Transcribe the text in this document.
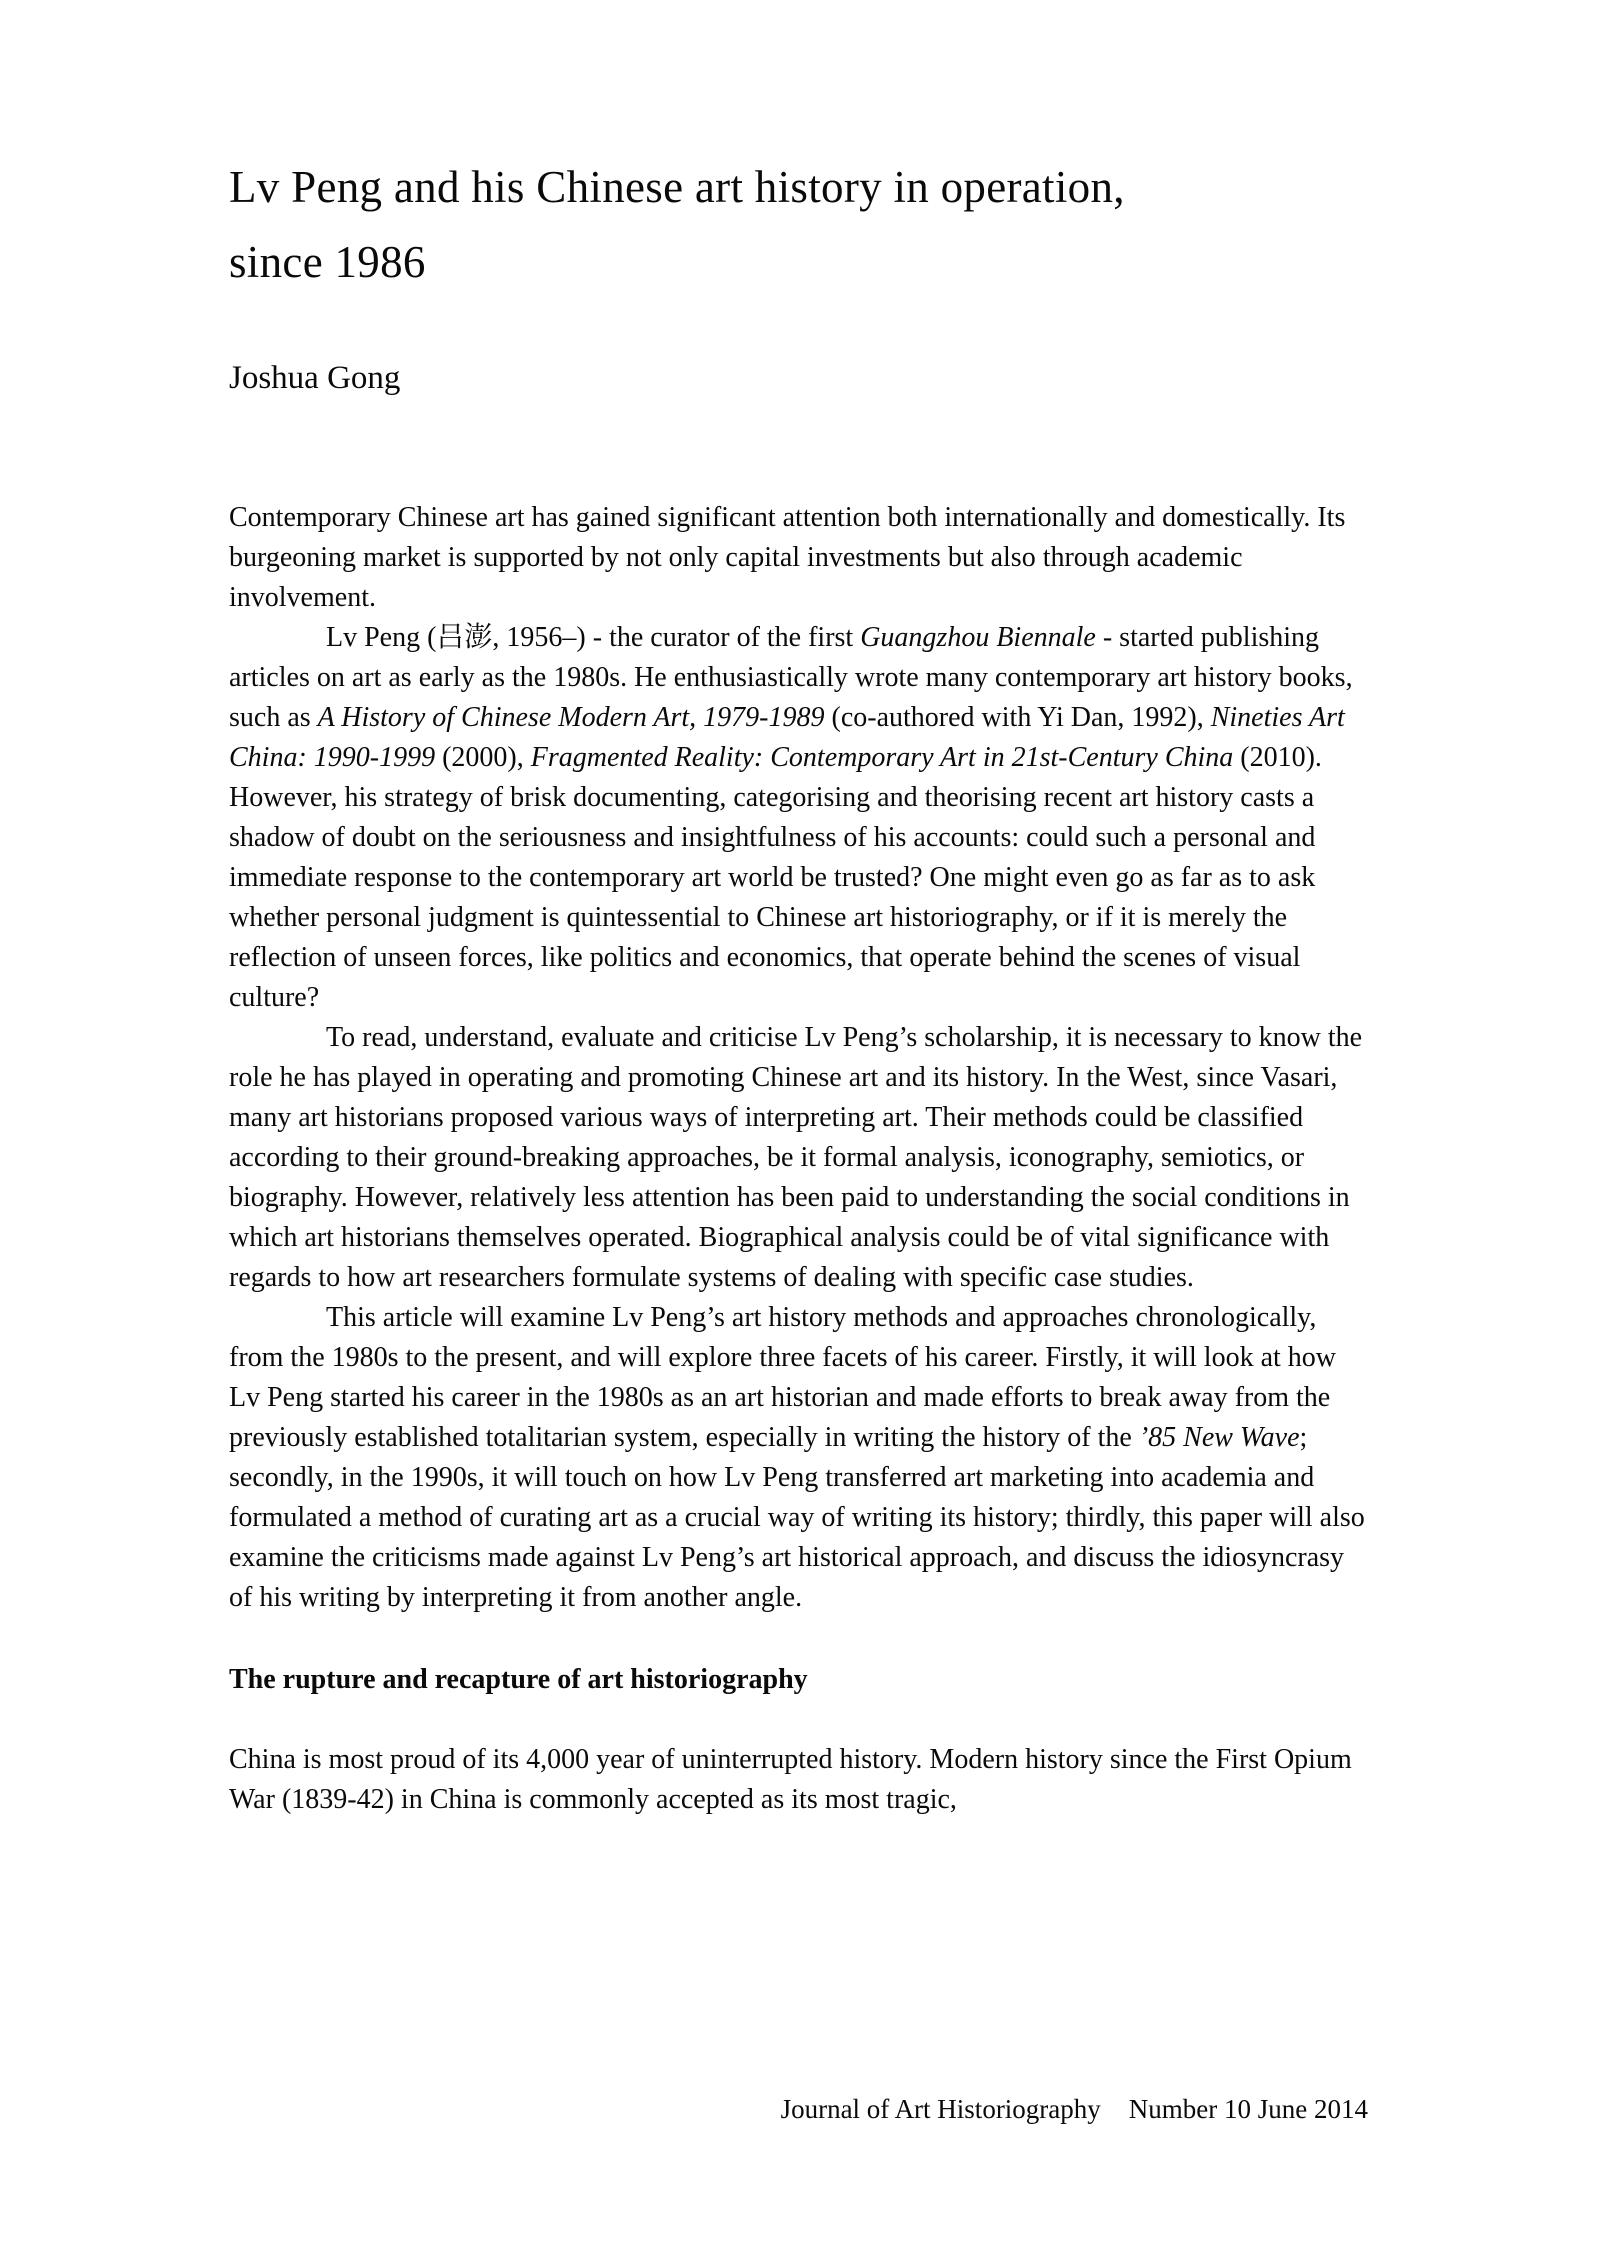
Lv Peng and his Chinese art history in operation,
since 1986
Joshua Gong

Contemporary Chinese art has gained significant attention both internationally and domestically. Its burgeoning market is supported by not only capital investments but also through academic involvement.

Lv Peng (吕澎, 1956–) - the curator of the first Guangzhou Biennale - started publishing articles on art as early as the 1980s. He enthusiastically wrote many contemporary art history books, such as A History of Chinese Modern Art, 1979-1989 (co-authored with Yi Dan, 1992), Nineties Art China: 1990-1999 (2000), Fragmented Reality: Contemporary Art in 21st-Century China (2010). However, his strategy of brisk documenting, categorising and theorising recent art history casts a shadow of doubt on the seriousness and insightfulness of his accounts: could such a personal and immediate response to the contemporary art world be trusted? One might even go as far as to ask whether personal judgment is quintessential to Chinese art historiography, or if it is merely the reflection of unseen forces, like politics and economics, that operate behind the scenes of visual culture?

To read, understand, evaluate and criticise Lv Peng’s scholarship, it is necessary to know the role he has played in operating and promoting Chinese art and its history. In the West, since Vasari, many art historians proposed various ways of interpreting art. Their methods could be classified according to their ground-breaking approaches, be it formal analysis, iconography, semiotics, or biography. However, relatively less attention has been paid to understanding the social conditions in which art historians themselves operated. Biographical analysis could be of vital significance with regards to how art researchers formulate systems of dealing with specific case studies.

This article will examine Lv Peng’s art history methods and approaches chronologically, from the 1980s to the present, and will explore three facets of his career. Firstly, it will look at how Lv Peng started his career in the 1980s as an art historian and made efforts to break away from the previously established totalitarian system, especially in writing the history of the ’85 New Wave; secondly, in the 1990s, it will touch on how Lv Peng transferred art marketing into academia and formulated a method of curating art as a crucial way of writing its history; thirdly, this paper will also examine the criticisms made against Lv Peng’s art historical approach, and discuss the idiosyncrasy of his writing by interpreting it from another angle.

The rupture and recapture of art historiography

China is most proud of its 4,000 year of uninterrupted history. Modern history since the First Opium War (1839-42) in China is commonly accepted as its most tragic,

Journal of Art Historiography Number 10 June 2014
